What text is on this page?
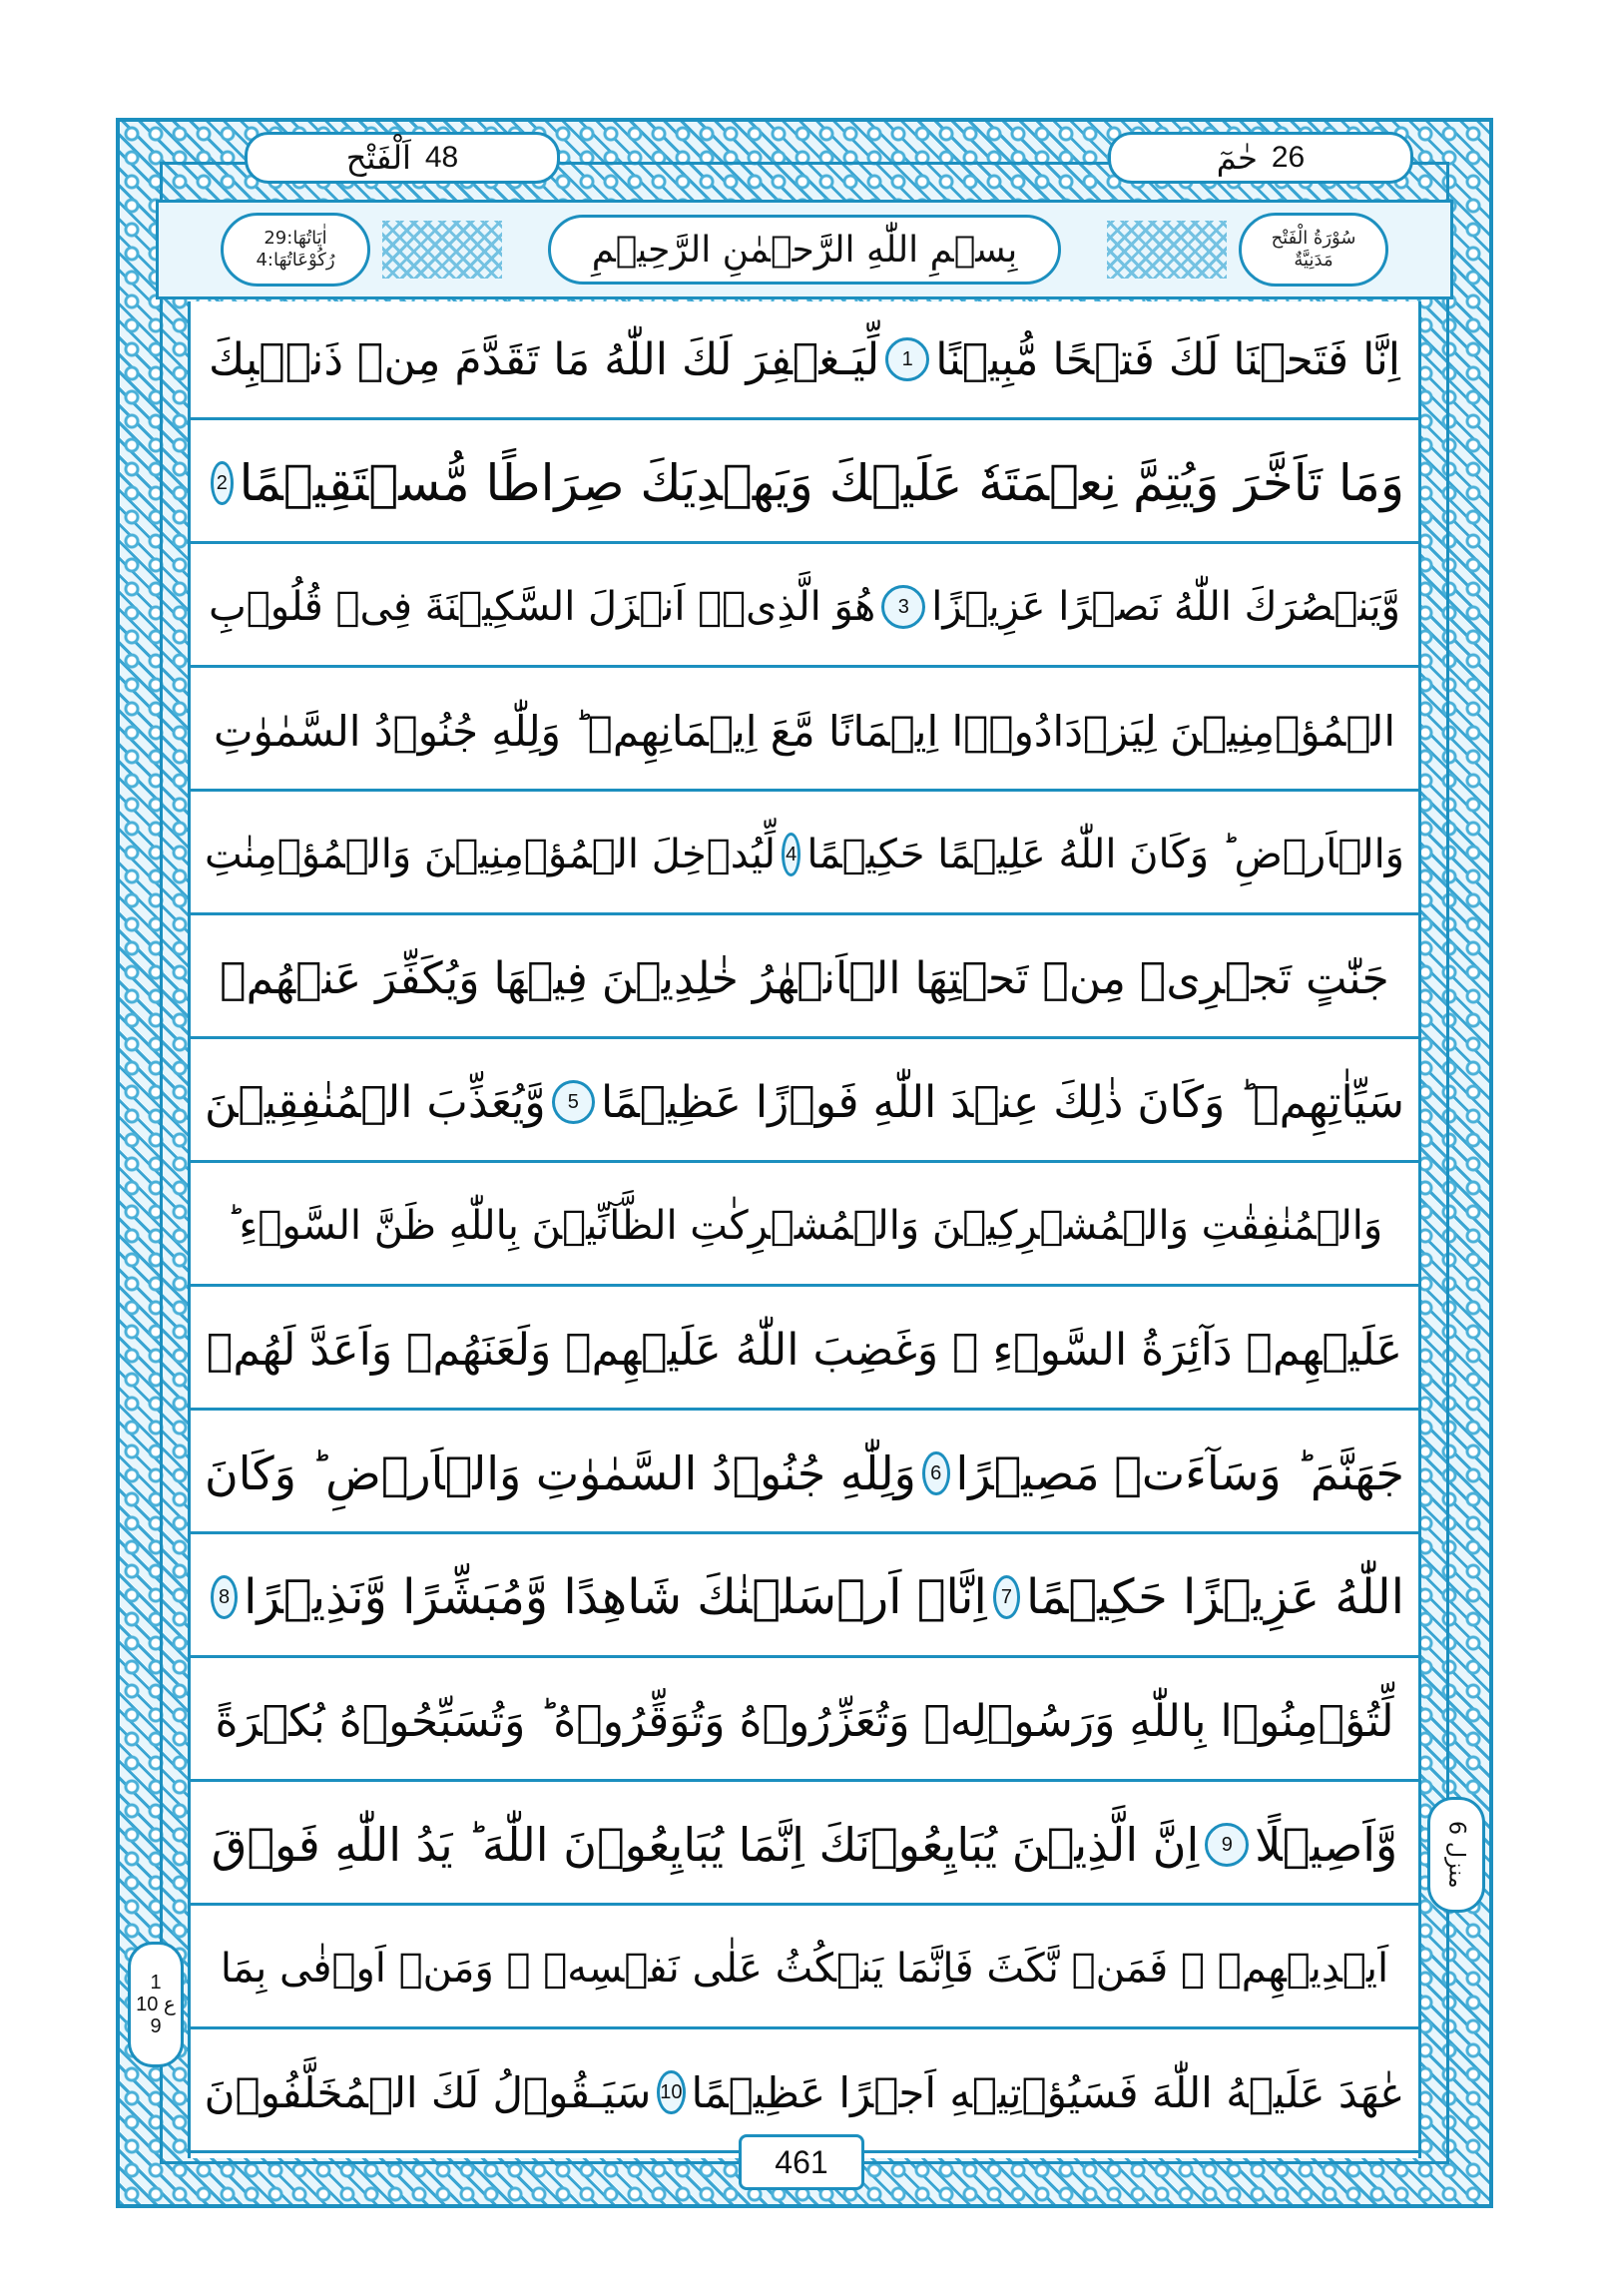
اَلْفَتْح 48	حٰمٓ 26
اٰيَاتُهَا:29
رُكُوْعَاتُهَا:4	بِسۡمِ اللّٰهِ الرَّحۡمٰنِ الرَّحِيۡمِ	سُوْرَةُ الْفَتْح
مَدَنِيَّةٌ
اِنَّا فَتَحۡنَا لَكَ فَتۡحًا مُّبِيۡنًا
1
لِّيَـغۡفِرَ لَكَ اللّٰهُ مَا تَقَدَّمَ مِنۡ ذَنۡۢبِكَ
وَمَا تَاَخَّرَ وَيُتِمَّ نِعۡمَتَهٗ عَلَيۡكَ وَيَهۡدِيَكَ صِرَاطًا مُّسۡتَقِيۡمًا
2
وَّيَنۡصُرَكَ اللّٰهُ نَصۡرًا عَزِيۡزًا
3
هُوَ الَّذِىۡۤ اَنۡزَلَ السَّكِيۡنَةَ فِىۡ قُلُوۡبِ
الۡمُؤۡمِنِيۡنَ لِيَزۡدَادُوۡۤا اِيۡمَانًا مَّعَ اِيۡمَانِهِمۡ ؕ وَلِلّٰهِ جُنُوۡدُ السَّمٰوٰتِ
وَالۡاَرۡضِ ؕ وَكَانَ اللّٰهُ عَلِيۡمًا حَكِيۡمًا
4
لِّيُدۡخِلَ الۡمُؤۡمِنِيۡنَ وَالۡمُؤۡمِنٰتِ
جَنّٰتٍ تَجۡرِىۡ مِنۡ تَحۡتِهَا الۡاَنۡهٰرُ خٰلِدِيۡنَ فِيۡهَا وَيُكَفِّرَ عَنۡهُمۡ
سَيِّاٰتِهِمۡ ؕ وَكَانَ ذٰلِكَ عِنۡدَ اللّٰهِ فَوۡزًا عَظِيۡمًا
5
وَّيُعَذِّبَ الۡمُنٰفِقِيۡنَ
وَالۡمُنٰفِقٰتِ وَالۡمُشۡرِكِيۡنَ وَالۡمُشۡرِكٰتِ الظَّآنِّيۡنَ بِاللّٰهِ ظَنَّ السَّوۡءِ ؕ
عَلَيۡهِمۡ دَآئِرَةُ السَّوۡءِ ۚ وَغَضِبَ اللّٰهُ عَلَيۡهِمۡ وَلَعَنَهُمۡ وَاَعَدَّ لَهُمۡ
جَهَنَّمَ ؕ وَسَآءَتۡ مَصِيۡرًا
6
وَلِلّٰهِ جُنُوۡدُ السَّمٰوٰتِ وَالۡاَرۡضِ ؕ وَكَانَ
اللّٰهُ عَزِيۡزًا حَكِيۡمًا
7
اِنَّاۤ اَرۡسَلۡنٰكَ شَاهِدًا وَّمُبَشِّرًا وَّنَذِيۡرًا
8
لِّتُؤۡمِنُوۡا بِاللّٰهِ وَرَسُوۡلِهٖ وَتُعَزِّرُوۡهُ وَتُوَقِّرُوۡهُ ؕ وَتُسَبِّحُوۡهُ بُكۡرَةً
وَّاَصِيۡلًا
9
اِنَّ الَّذِيۡنَ يُبَايِعُوۡنَكَ اِنَّمَا يُبَايِعُوۡنَ اللّٰهَ ؕ يَدُ اللّٰهِ فَوۡقَ
اَيۡدِيۡهِمۡ ۚ فَمَنۡ نَّكَثَ فَاِنَّمَا يَنۡكُثُ عَلٰى نَفۡسِهٖ ۚ وَمَنۡ اَوۡفٰى بِمَا
عٰهَدَ عَلَيۡهُ اللّٰهَ فَسَيُؤۡتِيۡهِ اَجۡرًا عَظِيۡمًا
10
سَيَـقُوۡلُ لَكَ الۡمُخَلَّفُوۡنَ
منزل 6
1
ع 10
9
461
